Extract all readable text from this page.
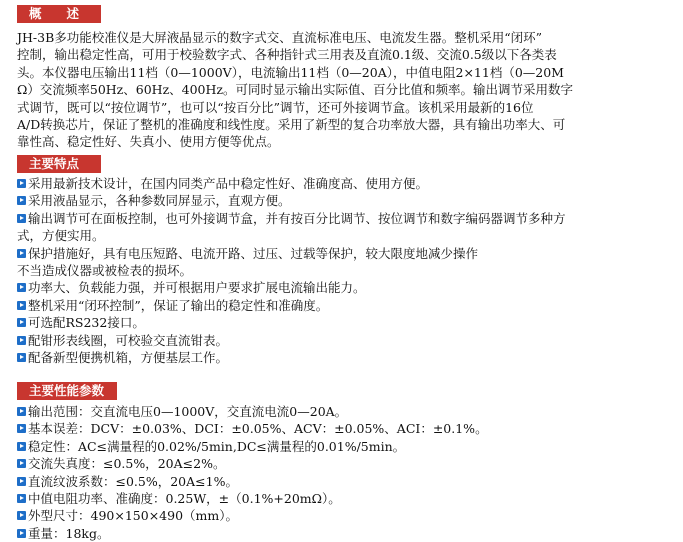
概　　述
JH-3B多功能校准仪是大屏液晶显示的数字式交、直流标准电压、电流发生器。整机采用“闭环”
控制，输出稳定性高，可用于校验数字式、各种指针式三用表及直流0.1级、交流0.5级以下各类表
头。本仪器电压输出11档（0—1000V），电流输出11档（0—20A），中值电阻2×11档（0—20M
Ω）交流频率50Hz、60Hz、400Hz。可同时显示输出实际值、百分比值和频率。输出调节采用数字
式调节，既可以“按位调节”，也可以“按百分比”调节，还可外接调节盒。该机采用最新的16位
A/D转换芯片，保证了整机的准确度和线性度。采用了新型的复合功率放大器，具有输出功率大、可
靠性高、稳定性好、失真小、使用方便等优点。
主要特点
采用最新技术设计，在国内同类产品中稳定性好、准确度高、使用方便。
采用液晶显示，各种参数同屏显示，直观方便。
输出调节可在面板控制，也可外接调节盒，并有按百分比调节、按位调节和数字编码器调节多种方
式，方便实用。
保护措施好，具有电压短路、电流开路、过压、过载等保护，较大限度地减少操作
不当造成仪器或被检表的损坏。
功率大、负载能力强，并可根据用户要求扩展电流输出能力。
整机采用“闭环控制”，保证了输出的稳定性和准确度。
可选配RS232接口。
配钳形表线圈，可校验交直流钳表。
配备新型便携机箱，方便基层工作。
主要性能参数
输出范围：交直流电压0—1000V，交直流电流0—20A。
基本误差：DCV：±0.03%、DCI：±0.05%、ACV：±0.05%、ACI：±0.1%。
稳定性：AC≤满量程的0.02%/5min,DC≤满量程的0.01%/5min。
交流失真度：≤0.5%，20A≤2%。
直流纹波系数：≤0.5%，20A≤1%。
中值电阻功率、准确度：0.25W，±（0.1%+20mΩ）。
外型尺寸：490×150×490（mm）。
重量：18kg。
